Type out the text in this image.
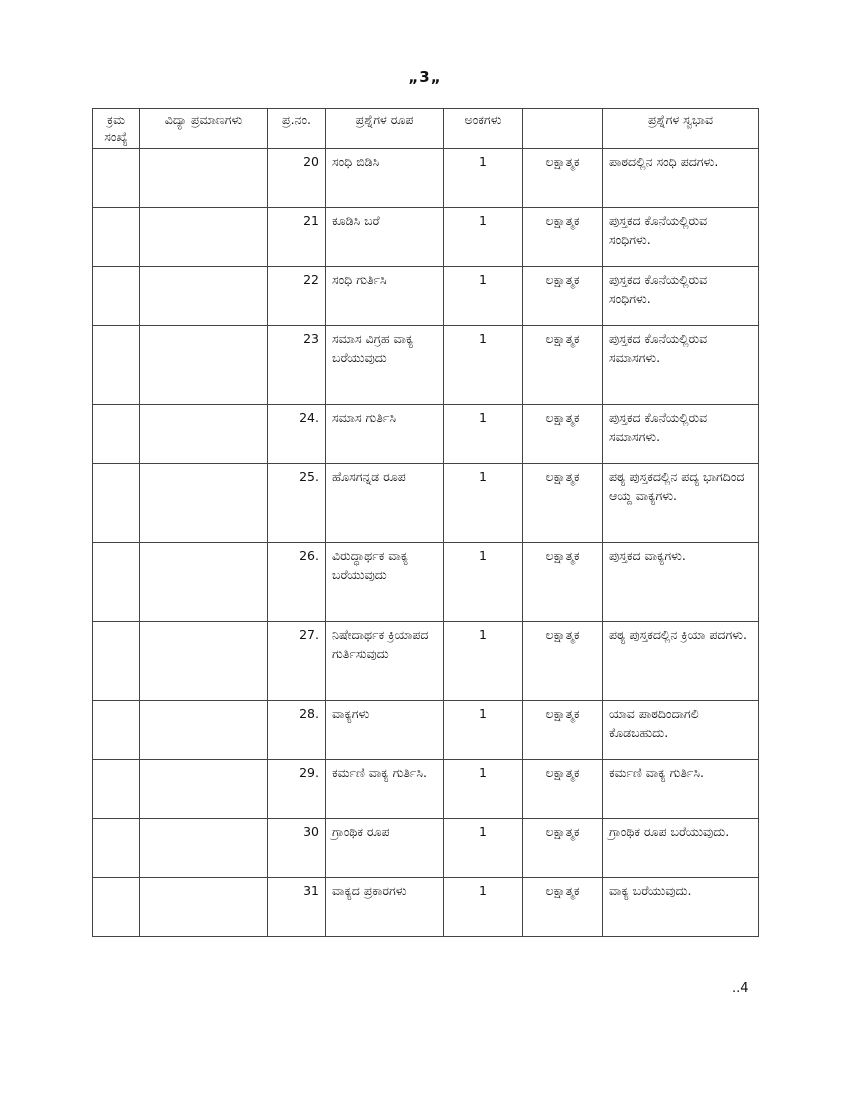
„3„
ಕ್ರಮ ಸಂಖ್ಯೆ	ವಿದ್ಯಾ ಪ್ರಮಾಣಗಳು	ಪ್ರ.ನಂ.	ಪ್ರಶ್ನೆಗಳ ರೂಪ	ಅಂಕಗಳು		ಪ್ರಶ್ನೆಗಳ ಸ್ವಭಾವ
		20	ಸಂಧಿ ಬಿಡಿಸಿ	1	ಲಕ್ಷಾತ್ಮಕ	ಪಾಠದಲ್ಲಿನ ಸಂಧಿ ಪದಗಳು.
		21	ಕೂಡಿಸಿ ಬರೆ	1	ಲಕ್ಷಾತ್ಮಕ	ಪುಸ್ತಕದ ಕೊನೆಯಲ್ಲಿರುವ ಸಂಧಿಗಳು.
		22	ಸಂಧಿ ಗುರ್ತಿಸಿ	1	ಲಕ್ಷಾತ್ಮಕ	ಪುಸ್ತಕದ ಕೊನೆಯಲ್ಲಿರುವ ಸಂಧಿಗಳು.
		23	ಸಮಾಸ ವಿಗ್ರಹ ವಾಕ್ಯ ಬರೆಯುವುದು	1	ಲಕ್ಷಾತ್ಮಕ	ಪುಸ್ತಕದ ಕೊನೆಯಲ್ಲಿರುವ ಸಮಾಸಗಳು.
		24.	ಸಮಾಸ ಗುರ್ತಿಸಿ	1	ಲಕ್ಷಾತ್ಮಕ	ಪುಸ್ತಕದ ಕೊನೆಯಲ್ಲಿರುವ ಸಮಾಸಗಳು.
		25.	ಹೊಸಗನ್ನಡ ರೂಪ	1	ಲಕ್ಷಾತ್ಮಕ	ಪಠ್ಯ ಪುಸ್ತಕದಲ್ಲಿನ ಪದ್ಯ ಭಾಗದಿಂದ ಆಯ್ದ ವಾಕ್ಯಗಳು.
		26.	ವಿರುದ್ಧಾರ್ಥಕ ವಾಕ್ಯ ಬರೆಯುವುದು	1	ಲಕ್ಷಾತ್ಮಕ	ಪುಸ್ತಕದ ವಾಕ್ಯಗಳು.
		27.	ನಿಷೇದಾರ್ಥಕ ಕ್ರಿಯಾಪದ ಗುರ್ತಿಸುವುದು	1	ಲಕ್ಷಾತ್ಮಕ	ಪಠ್ಯ ಪುಸ್ತಕದಲ್ಲಿನ ಕ್ರಿಯಾ ಪದಗಳು.
		28.	ವಾಕ್ಯಗಳು	1	ಲಕ್ಷಾತ್ಮಕ	ಯಾವ ಪಾಠದಿಂದಾಗಲಿ ಕೊಡಬಹುದು.
		29.	ಕರ್ಮಣಿ ವಾಕ್ಯ ಗುರ್ತಿಸಿ.	1	ಲಕ್ಷಾತ್ಮಕ	ಕರ್ಮಣಿ ವಾಕ್ಯ ಗುರ್ತಿಸಿ.
		30	ಗ್ರಾಂಥಿಕ ರೂಪ	1	ಲಕ್ಷಾತ್ಮಕ	ಗ್ರಾಂಥಿಕ ರೂಪ ಬರೆಯುವುದು.
		31	ವಾಕ್ಯದ ಪ್ರಕಾರಗಳು	1	ಲಕ್ಷಾತ್ಮಕ	ವಾಕ್ಯ ಬರೆಯುವುದು.
..4
